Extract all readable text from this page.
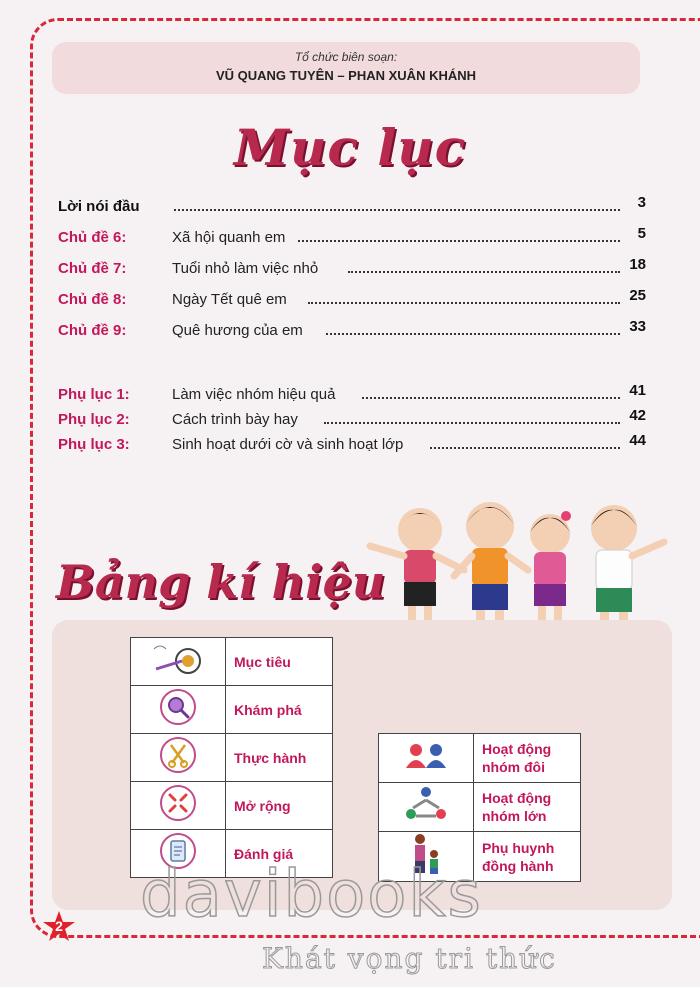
Tổ chức biên soạn:
VŨ QUANG TUYÊN – PHAN XUÂN KHÁNH
Mục lục
Lời nói đầu	3
Chủ đề 6:	Xã hội quanh em	5
Chủ đề 7:	Tuổi nhỏ làm việc nhỏ	18
Chủ đề 8:	Ngày Tết quê em	25
Chủ đề 9:	Quê hương của em	33
Phụ lục 1:	Làm việc nhóm hiệu quả	41
Phụ lục 2:	Cách trình bày hay	42
Phụ lục 3:	Sinh hoạt dưới cờ và sinh hoạt lớp	44
Bảng kí hiệu
	Mục tiêu
	Khám phá
	Thực hành
	Mở rộng
	Đánh giá

Hoạt động
nhóm đôi

Hoạt động
nhóm lớn

Phụ huynh
đồng hành
2 davibooks
Khát vọng tri thức
